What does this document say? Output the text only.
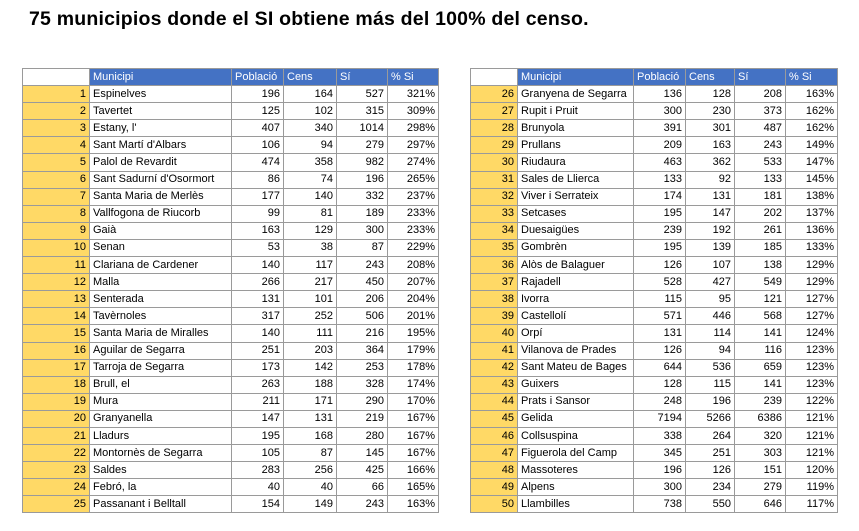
75 municipios donde el SI obtiene más del 100% del censo.
	Municipi	Població	Cens	Sí	% Si
1	Espinelves	196	164	527	321%
2	Tavertet	125	102	315	309%
3	Estany, l'	407	340	1014	298%
4	Sant Martí d'Albars	106	94	279	297%
5	Palol de Revardit	474	358	982	274%
6	Sant Sadurní d'Osormort	86	74	196	265%
7	Santa Maria de Merlès	177	140	332	237%
8	Vallfogona de Riucorb	99	81	189	233%
9	Gaià	163	129	300	233%
10	Senan	53	38	87	229%
11	Clariana de Cardener	140	117	243	208%
12	Malla	266	217	450	207%
13	Senterada	131	101	206	204%
14	Tavèrnoles	317	252	506	201%
15	Santa Maria de Miralles	140	111	216	195%
16	Aguilar de Segarra	251	203	364	179%
17	Tarroja de Segarra	173	142	253	178%
18	Brull, el	263	188	328	174%
19	Mura	211	171	290	170%
20	Granyanella	147	131	219	167%
21	Lladurs	195	168	280	167%
22	Montornès de Segarra	105	87	145	167%
23	Saldes	283	256	425	166%
24	Febró, la	40	40	66	165%
25	Passanant i Belltall	154	149	243	163%
	Municipi	Població	Cens	Sí	% Si
26	Granyena de Segarra	136	128	208	163%
27	Rupit i Pruit	300	230	373	162%
28	Brunyola	391	301	487	162%
29	Prullans	209	163	243	149%
30	Riudaura	463	362	533	147%
31	Sales de Llierca	133	92	133	145%
32	Viver i Serrateix	174	131	181	138%
33	Setcases	195	147	202	137%
34	Duesaigües	239	192	261	136%
35	Gombrèn	195	139	185	133%
36	Alòs de Balaguer	126	107	138	129%
37	Rajadell	528	427	549	129%
38	Ivorra	115	95	121	127%
39	Castellolí	571	446	568	127%
40	Orpí	131	114	141	124%
41	Vilanova de Prades	126	94	116	123%
42	Sant Mateu de Bages	644	536	659	123%
43	Guixers	128	115	141	123%
44	Prats i Sansor	248	196	239	122%
45	Gelida	7194	5266	6386	121%
46	Collsuspina	338	264	320	121%
47	Figuerola del Camp	345	251	303	121%
48	Massoteres	196	126	151	120%
49	Alpens	300	234	279	119%
50	Llambilles	738	550	646	117%
